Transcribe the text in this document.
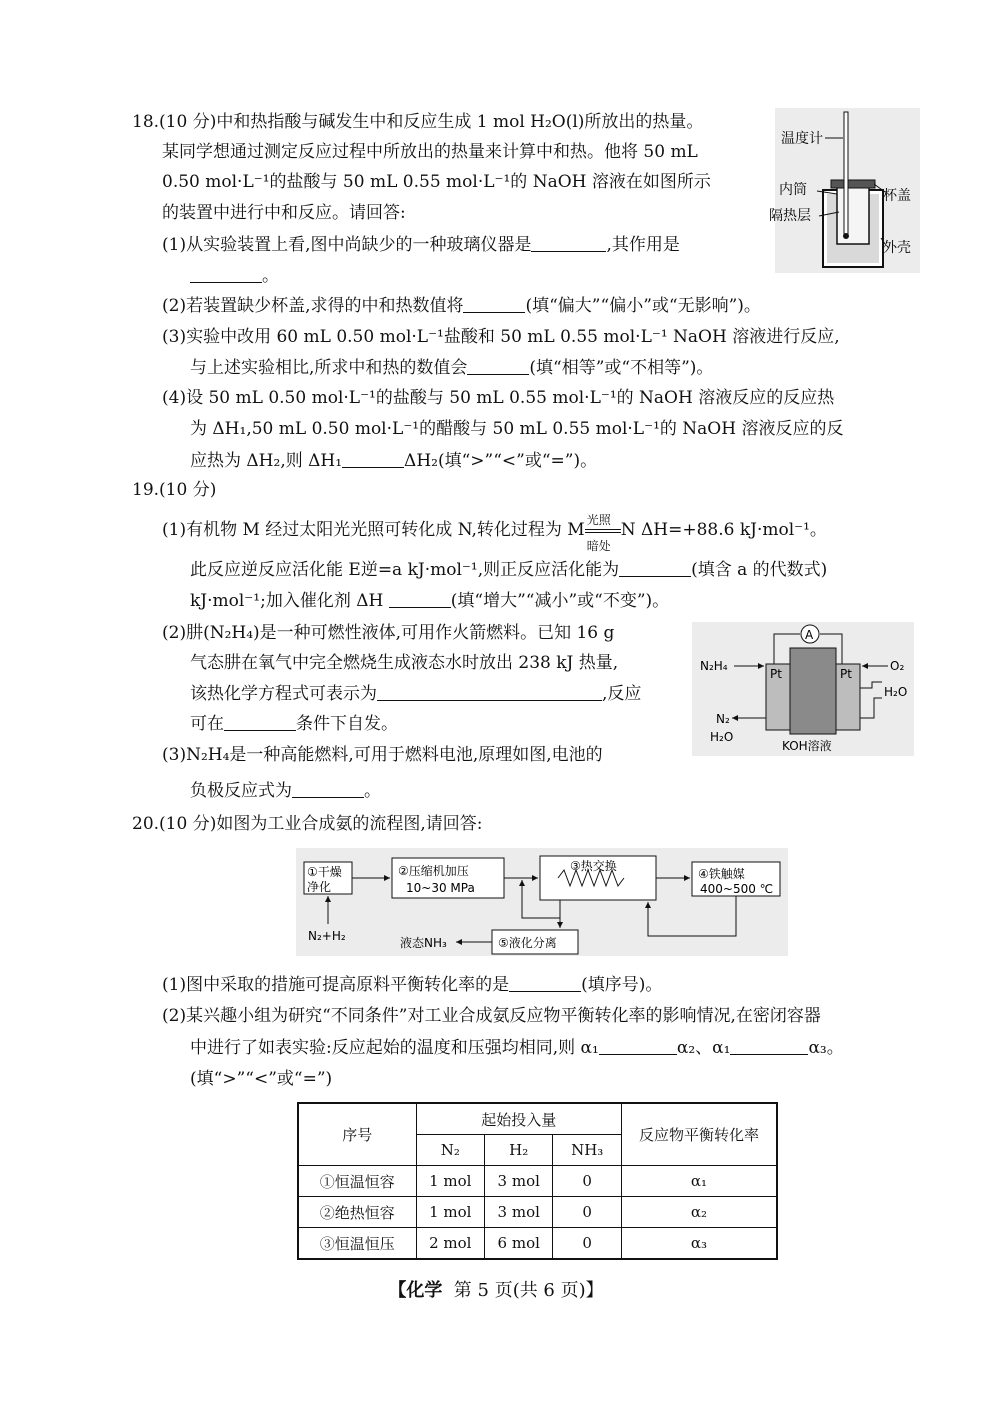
18.(10 分)中和热指酸与碱发生中和反应生成 1 mol H₂O(l)所放出的热量。
某同学想通过测定反应过程中所放出的热量来计算中和热。他将 50 mL
0.50 mol·L⁻¹的盐酸与 50 mL 0.55 mol·L⁻¹的 NaOH 溶液在如图所示
的装置中进行中和反应。请回答:
(1)从实验装置上看,图中尚缺少的一种玻璃仪器是	,其作用是
。
(2)若装置缺少杯盖,求得的中和热数值将	(填“偏大”“偏小”或“无影响”)。
(3)实验中改用 60 mL 0.50 mol·L⁻¹盐酸和 50 mL 0.55 mol·L⁻¹ NaOH 溶液进行反应,
与上述实验相比,所求中和热的数值会	(填“相等”或“不相等”)。
(4)设 50 mL 0.50 mol·L⁻¹的盐酸与 50 mL 0.55 mol·L⁻¹的 NaOH 溶液反应的反应热
为 ΔH₁,50 mL 0.50 mol·L⁻¹的醋酸与 50 mL 0.55 mol·L⁻¹的 NaOH 溶液反应的反
应热为 ΔH₂,则 ΔH₁	ΔH₂(填“>”“<”或“=”)。
温度计
内筒
隔热层
杯盖
外壳
19.(10 分)
(1)有机物 M 经过太阳光光照可转化成 N,转化过程为 M 光照
暗处
N ΔH=+88.6 kJ·mol⁻¹。
此反应逆反应活化能 E逆=a kJ·mol⁻¹,则正反应活化能为	(填含 a 的代数式)
kJ·mol⁻¹;加入催化剂 ΔH	(填“增大”“减小”或“不变”)。
(2)肼(N₂H₄)是一种可燃性液体,可用作火箭燃料。已知 16 g
气态肼在氧气中完全燃烧生成液态水时放出 238 kJ 热量,
该热化学方程式可表示为	,反应
可在	条件下自发。
(3)N₂H₄是一种高能燃料,可用于燃料电池,原理如图,电池的
负极反应式为	。
A
Pt	Pt
N₂H₄
N₂
H₂O
O₂
H₂O
KOH溶液
20.(10 分)如图为工业合成氨的流程图,请回答:
①干燥
净化
②压缩机加压
10~30 MPa
③热交换
④铁触媒
400~500 ℃
⑤液化分离
N₂+H₂	液态NH₃
(1)图中采取的措施可提高原料平衡转化率的是	(填序号)。
(2)某兴趣小组为研究“不同条件”对工业合成氨反应物平衡转化率的影响情况,在密闭容器
中进行了如表实验:反应起始的温度和压强均相同,则 α₁	α₂、α₁	α₃。
(填“>”“<”或“=”)
序号	起始投入量			反应物平衡转化率
	N₂	H₂	NH₃	
①恒温恒容	1 mol	3 mol	0	α₁
②绝热恒容	1 mol	3 mol	0	α₂
③恒温恒压	2 mol	6 mol	0	α₃
【化学 第 5 页(共 6 页)】
